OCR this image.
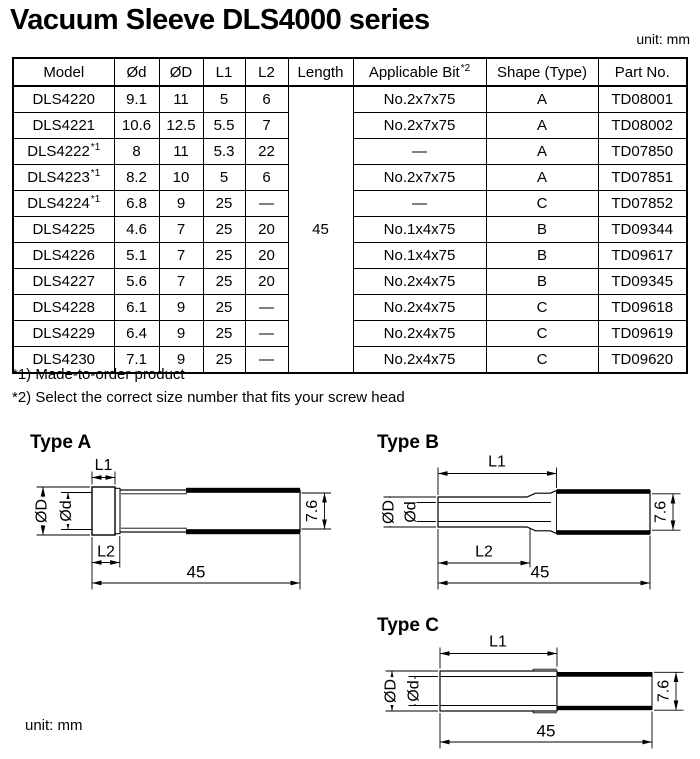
Vacuum Sleeve DLS4000 series
unit: mm
Model	Ød	ØD	L1	L2	Length	Applicable Bit$^{*2}$	Shape (Type)	Part No.
DLS4220	9.1	11	5	6	45	No.2x7x75	A	TD08001
DLS4221	10.6	12.5	5.5	7		No.2x7x75	A	TD08002
DLS4222$^{*1}$	8	11	5.3	22		—	A	TD07850
DLS4223$^{*1}$	8.2	10	5	6		No.2x7x75	A	TD07851
DLS4224$^{*1}$	6.8	9	25	—		—	C	TD07852
DLS4225	4.6	7	25	20		No.1x4x75	B	TD09344
DLS4226	5.1	7	25	20		No.1x4x75	B	TD09617
DLS4227	5.6	7	25	20		No.2x4x75	B	TD09345
DLS4228	6.1	9	25	—		No.2x4x75	C	TD09618
DLS4229	6.4	9	25	—		No.2x4x75	C	TD09619
DLS4230	7.1	9	25	—		No.2x4x75	C	TD09620
*1) Made-to-order product
*2) Select the correct size number that fits your screw head
Type A
L1
ØD Ød
L2
45
7.6
Type B
L1
ØD Ød
L2
45
7.6
Type C
L1
ØD Ød
45
7.6
unit: mm
